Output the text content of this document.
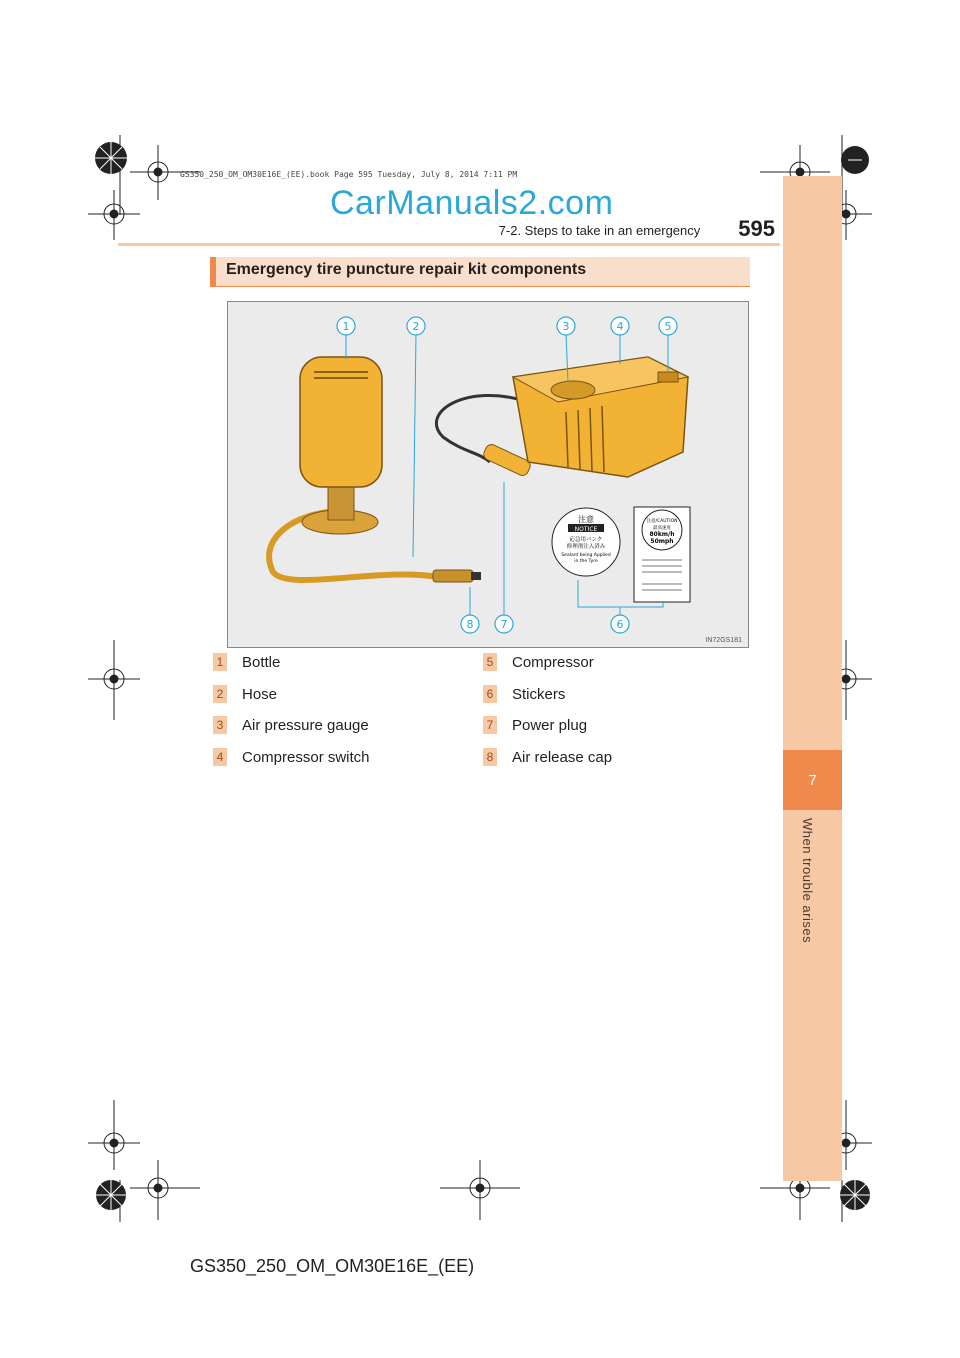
GS350_250_OM_OM30E16E_(EE).book Page 595 Tuesday, July 8, 2014 7:11 PM
CarManuals2.com
7
When trouble arises
7-2. Steps to take in an emergency 595
Emergency tire puncture repair kit components
注意
NOTICE
応急用パンク
修理剤注入済み
Sealant being Applied
in the Tyre
注意/CAUTION
最高速度
80km/h
50mph
1	2	3	4	5
6
7
8
IN72GS181
1 Bottle
2 Hose
3 Air pressure gauge
4 Compressor switch
5 Compressor
6 Stickers
7 Power plug
8 Air release cap
GS350_250_OM_OM30E16E_(EE)
